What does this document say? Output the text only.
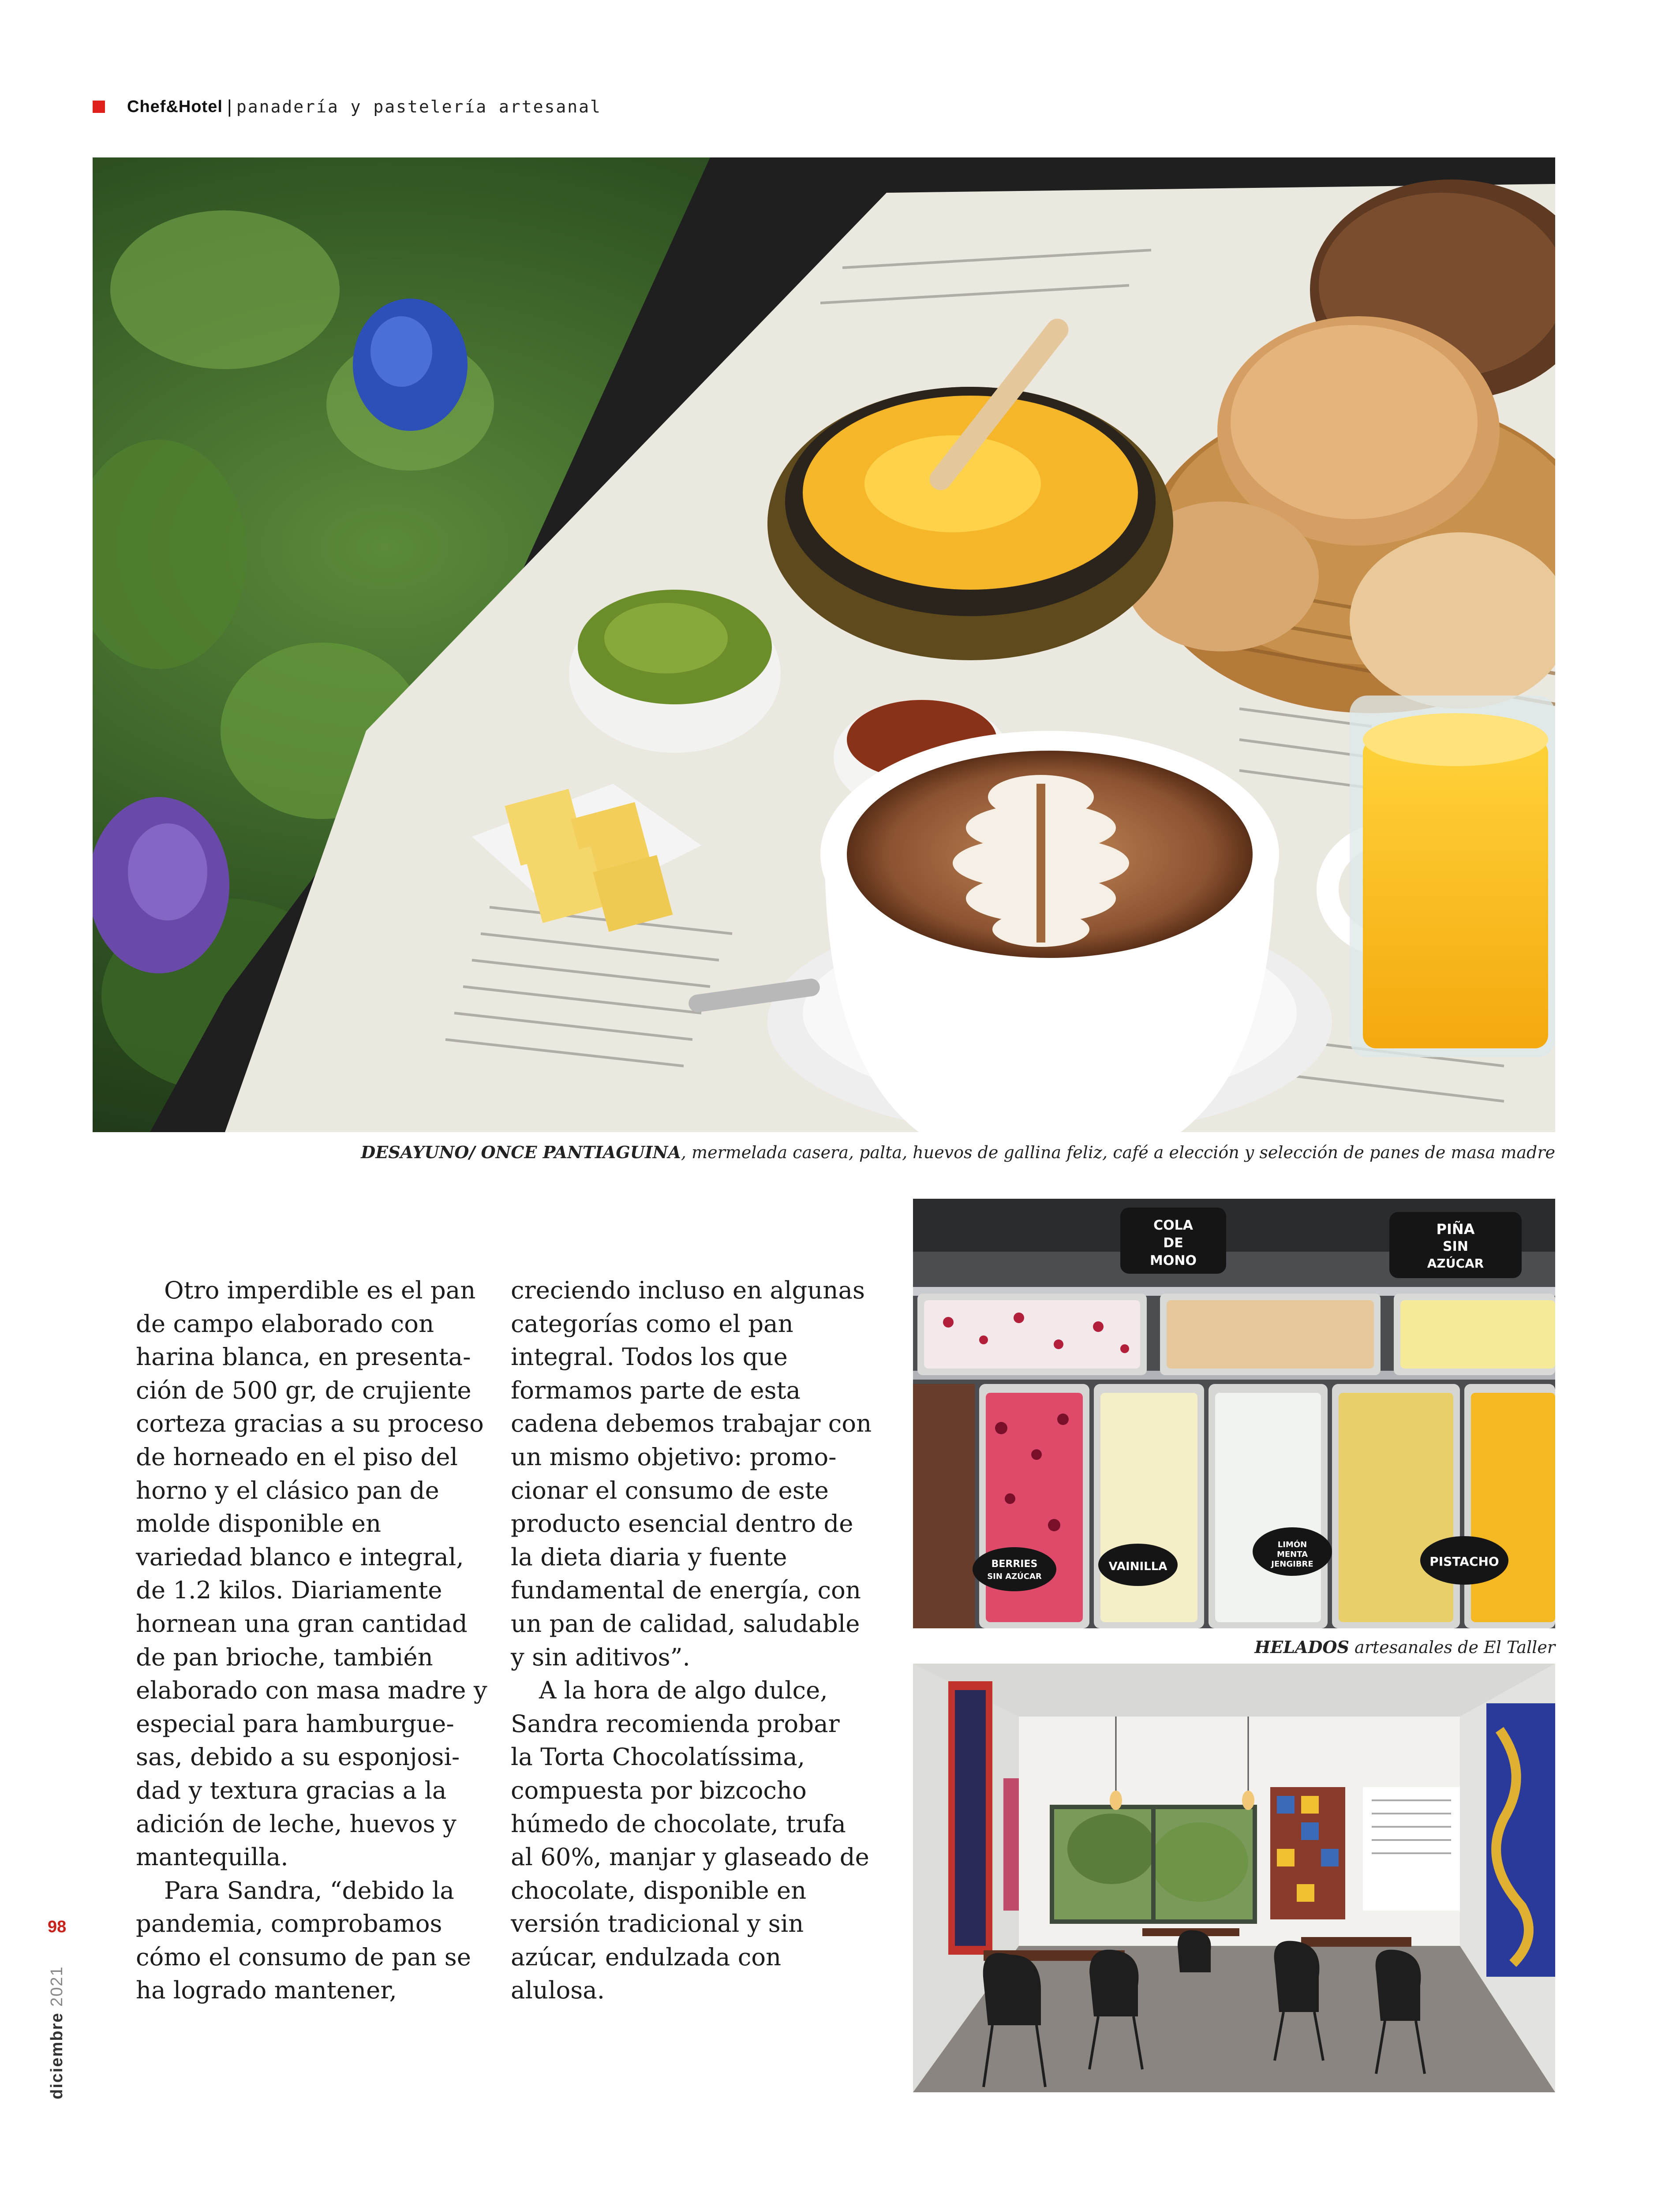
Chef&Hotel | panadería y pastelería artesanal
DESAYUNO/ ONCE PANTIAGUINA, mermelada casera, palta, huevos de gallina feliz, café a elección y selección de panes de masa madre
COLA
DE
MONO
PIÑA
SIN
AZÚCAR
BERRIES
SIN AZÚCAR
VAINILLA
LIMÓN
MENTA
JENGIBRE	PISTACHO
HELADOS artesanales de El Taller
Otro imperdible es el pan
de campo elaborado con
harina blanca, en presenta-
ción de 500 gr, de crujiente
corteza gracias a su proceso
de horneado en el piso del
horno y el clásico pan de
molde disponible en
variedad blanco e integral,
de 1.2 kilos. Diariamente
hornean una gran cantidad
de pan brioche, también
elaborado con masa madre y
especial para hamburgue-
sas, debido a su esponjosi-
dad y textura gracias a la
adición de leche, huevos y
mantequilla.
Para Sandra, “debido la
pandemia, comprobamos
cómo el consumo de pan se
ha logrado mantener,
creciendo incluso en algunas
categorías como el pan
integral. Todos los que
formamos parte de esta
cadena debemos trabajar con
un mismo objetivo: promo-
cionar el consumo de este
producto esencial dentro de
la dieta diaria y fuente
fundamental de energía, con
un pan de calidad, saludable
y sin aditivos”.
A la hora de algo dulce,
Sandra recomienda probar
la Torta Chocolatíssima,
compuesta por bizcocho
húmedo de chocolate, trufa
al 60%, manjar y glaseado de
chocolate, disponible en
versión tradicional y sin
azúcar, endulzada con
alulosa.
98
diciembre 2021
